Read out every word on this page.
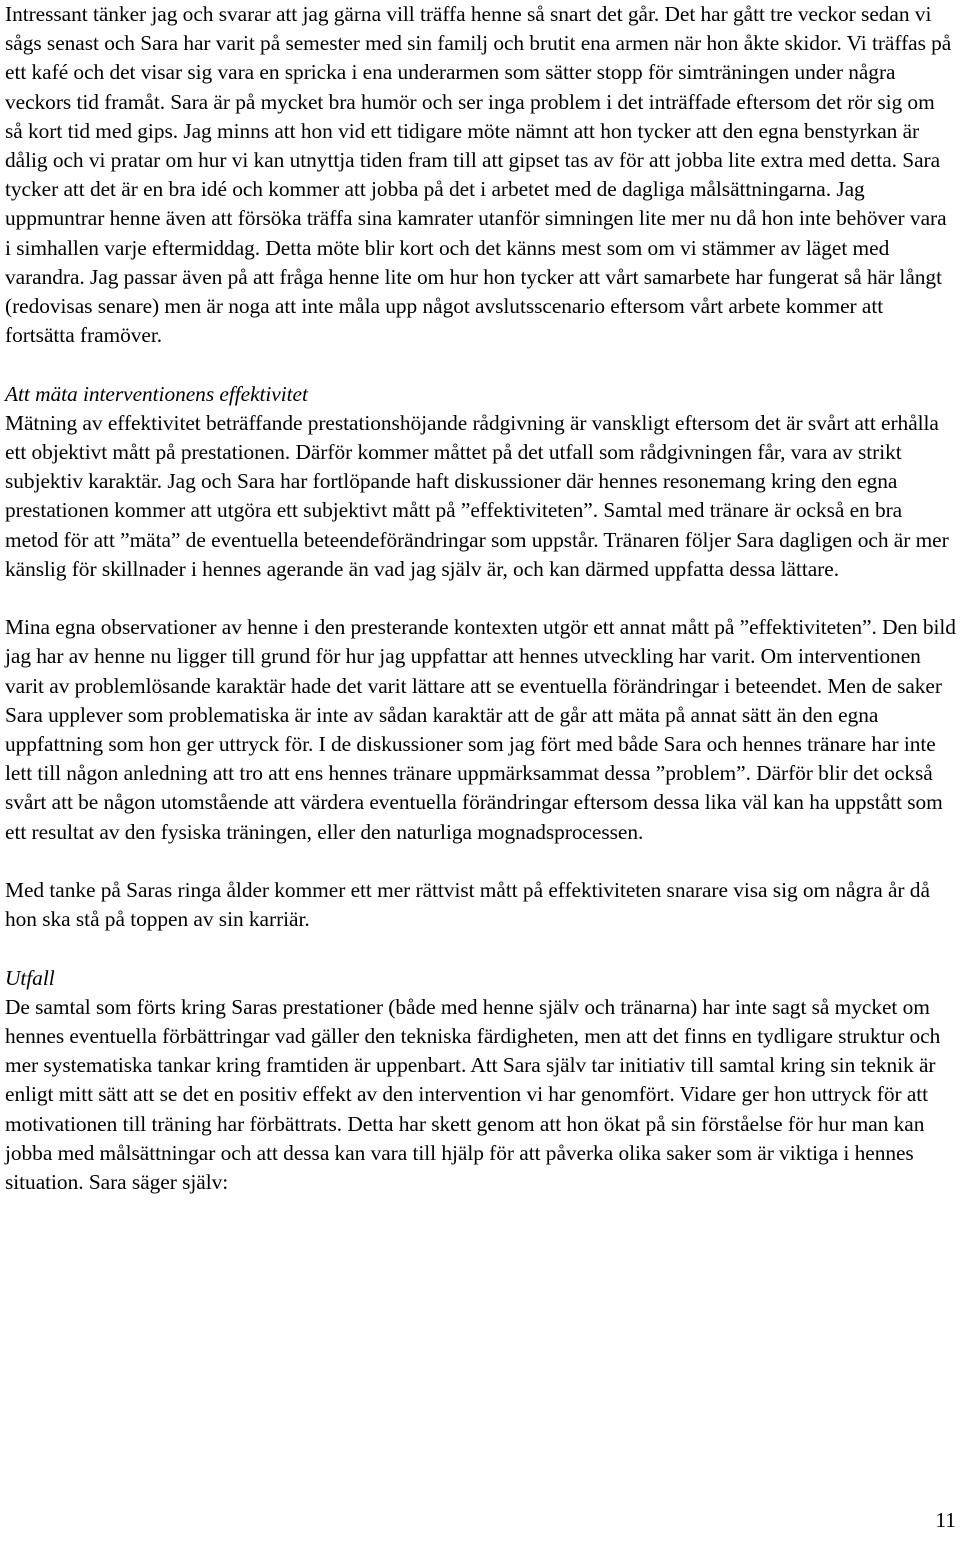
Intressant tänker jag och svarar att jag gärna vill träffa henne så snart det går. Det har gått tre veckor sedan vi sågs senast och Sara har varit på semester med sin familj och brutit ena armen när hon åkte skidor. Vi träffas på ett kafé och det visar sig vara en spricka i ena underarmen som sätter stopp för simträningen under några veckors tid framåt. Sara är på mycket bra humör och ser inga problem i det inträffade eftersom det rör sig om så kort tid med gips. Jag minns att hon vid ett tidigare möte nämnt att hon tycker att den egna benstyrkan är dålig och vi pratar om hur vi kan utnyttja tiden fram till att gipset tas av för att jobba lite extra med detta. Sara tycker att det är en bra idé och kommer att jobba på det i arbetet med de dagliga målsättningarna. Jag uppmuntrar henne även att försöka träffa sina kamrater utanför simningen lite mer nu då hon inte behöver vara i simhallen varje eftermiddag. Detta möte blir kort och det känns mest som om vi stämmer av läget med varandra. Jag passar även på att fråga henne lite om hur hon tycker att vårt samarbete har fungerat så här långt (redovisas senare) men är noga att inte måla upp något avslutsscenario eftersom vårt arbete kommer att fortsätta framöver.

Att mäta interventionens effektivitet

Mätning av effektivitet beträffande prestationshöjande rådgivning är vanskligt eftersom det är svårt att erhålla ett objektivt mått på prestationen. Därför kommer måttet på det utfall som rådgivningen får, vara av strikt subjektiv karaktär. Jag och Sara har fortlöpande haft diskussioner där hennes resonemang kring den egna prestationen kommer att utgöra ett subjektivt mått på ”effektiviteten”. Samtal med tränare är också en bra metod för att ”mäta” de eventuella beteendeförändringar som uppstår. Tränaren följer Sara dagligen och är mer känslig för skillnader i hennes agerande än vad jag själv är, och kan därmed uppfatta dessa lättare.

Mina egna observationer av henne i den presterande kontexten utgör ett annat mått på ”effektiviteten”. Den bild jag har av henne nu ligger till grund för hur jag uppfattar att hennes utveckling har varit. Om interventionen varit av problemlösande karaktär hade det varit lättare att se eventuella förändringar i beteendet. Men de saker Sara upplever som problematiska är inte av sådan karaktär att de går att mäta på annat sätt än den egna uppfattning som hon ger uttryck för. I de diskussioner som jag fört med både Sara och hennes tränare har inte lett till någon anledning att tro att ens hennes tränare uppmärksammat dessa ”problem”. Därför blir det också svårt att be någon utomstående att värdera eventuella förändringar eftersom dessa lika väl kan ha uppstått som ett resultat av den fysiska träningen, eller den naturliga mognadsprocessen.

Med tanke på Saras ringa ålder kommer ett mer rättvist mått på effektiviteten snarare visa sig om några år då hon ska stå på toppen av sin karriär.

Utfall

De samtal som förts kring Saras prestationer (både med henne själv och tränarna) har inte sagt så mycket om hennes eventuella förbättringar vad gäller den tekniska färdigheten, men att det finns en tydligare struktur och mer systematiska tankar kring framtiden är uppenbart. Att Sara själv tar initiativ till samtal kring sin teknik är enligt mitt sätt att se det en positiv effekt av den intervention vi har genomfört. Vidare ger hon uttryck för att motivationen till träning har förbättrats. Detta har skett genom att hon ökat på sin förståelse för hur man kan jobba med målsättningar och att dessa kan vara till hjälp för att påverka olika saker som är viktiga i hennes situation. Sara säger själv:

11
